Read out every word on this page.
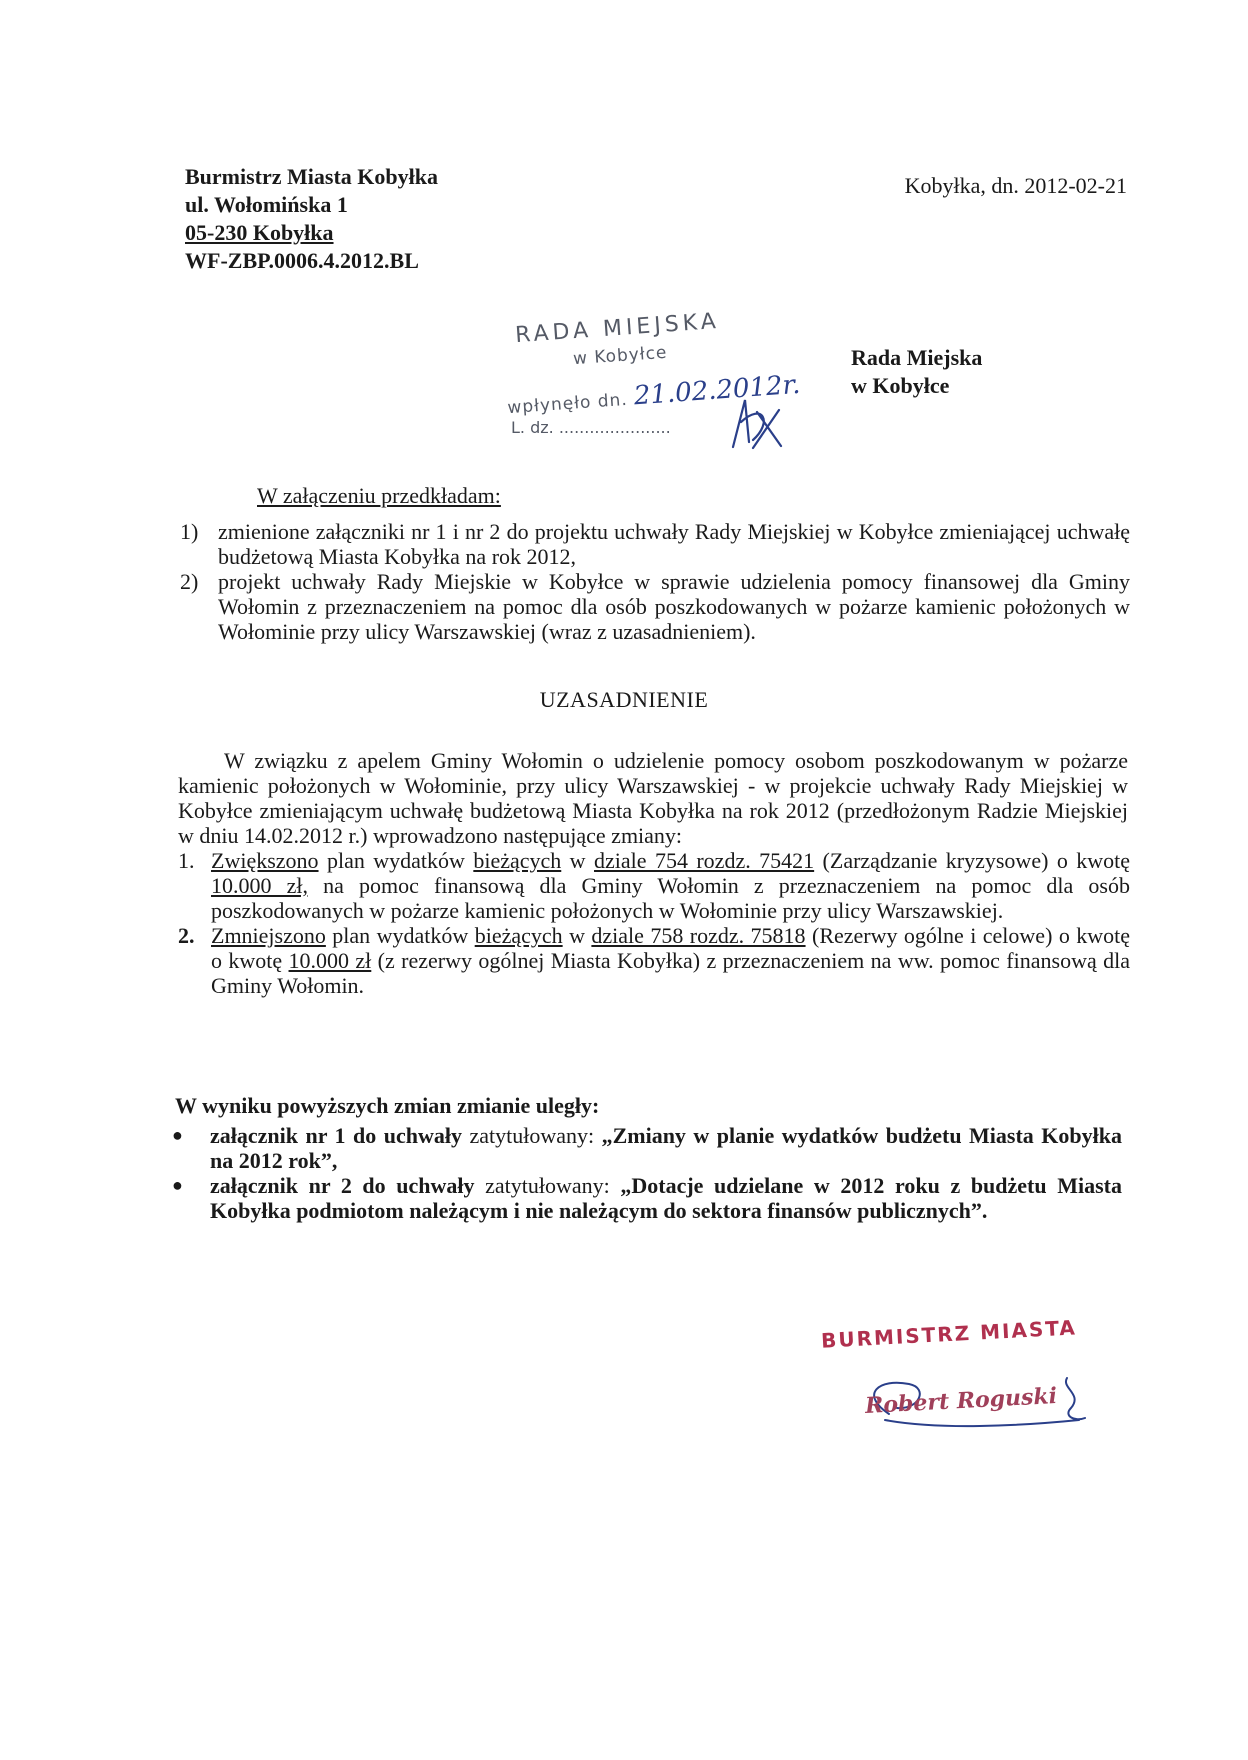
Burmistrz Miasta Kobyłka
ul. Wołomińska 1
05-230 Kobyłka
WF-ZBP.0006.4.2012.BL
Kobyłka, dn. 2012-02-21
RADA MIEJSKA
w Kobyłce
wpłynęło dn. 21.02.2012r.
L. dz. ......................
Rada Miejska
w Kobyłce
W załączeniu przedkładam:
1) zmienione załączniki nr 1 i nr 2 do projektu uchwały Rady Miejskiej w Kobyłce zmieniającej uchwałę budżetową Miasta Kobyłka na rok 2012,

2) projekt uchwały Rady Miejskie w Kobyłce w sprawie udzielenia pomocy finansowej dla Gminy Wołomin z przeznaczeniem na pomoc dla osób poszkodowanych w pożarze kamienic położonych w Wołominie przy ulicy Warszawskiej (wraz z uzasadnieniem).

UZASADNIENIE

W związku z apelem Gminy Wołomin o udzielenie pomocy osobom poszkodowanym w pożarze kamienic położonych w Wołominie, przy ulicy Warszawskiej - w projekcie uchwały Rady Miejskiej w Kobyłce zmieniającym uchwałę budżetową Miasta Kobyłka na rok 2012 (przedłożonym Radzie Miejskiej w dniu 14.02.2012 r.) wprowadzono następujące zmiany:

1. Zwiększono plan wydatków bieżących w dziale 754 rozdz. 75421 (Zarządzanie kryzysowe) o kwotę 10.000 zł, na pomoc finansową dla Gminy Wołomin z przeznaczeniem na pomoc dla osób poszkodowanych w pożarze kamienic położonych w Wołominie przy ulicy Warszawskiej.

2. Zmniejszono plan wydatków bieżących w dziale 758 rozdz. 75818 (Rezerwy ogólne i celowe) o kwotę o kwotę 10.000 zł (z rezerwy ogólnej Miasta Kobyłka) z przeznaczeniem na ww. pomoc finansową dla Gminy Wołomin.

W wyniku powyższych zmian zmianie uległy:
● załącznik nr 1 do uchwały zatytułowany: „Zmiany w planie wydatków budżetu Miasta Kobyłka na 2012 rok”,

● załącznik nr 2 do uchwały zatytułowany: „Dotacje udzielane w 2012 roku z budżetu Miasta Kobyłka podmiotom należącym i nie należącym do sektora finansów publicznych”.

BURMISTRZ MIASTA
Robert Roguski
